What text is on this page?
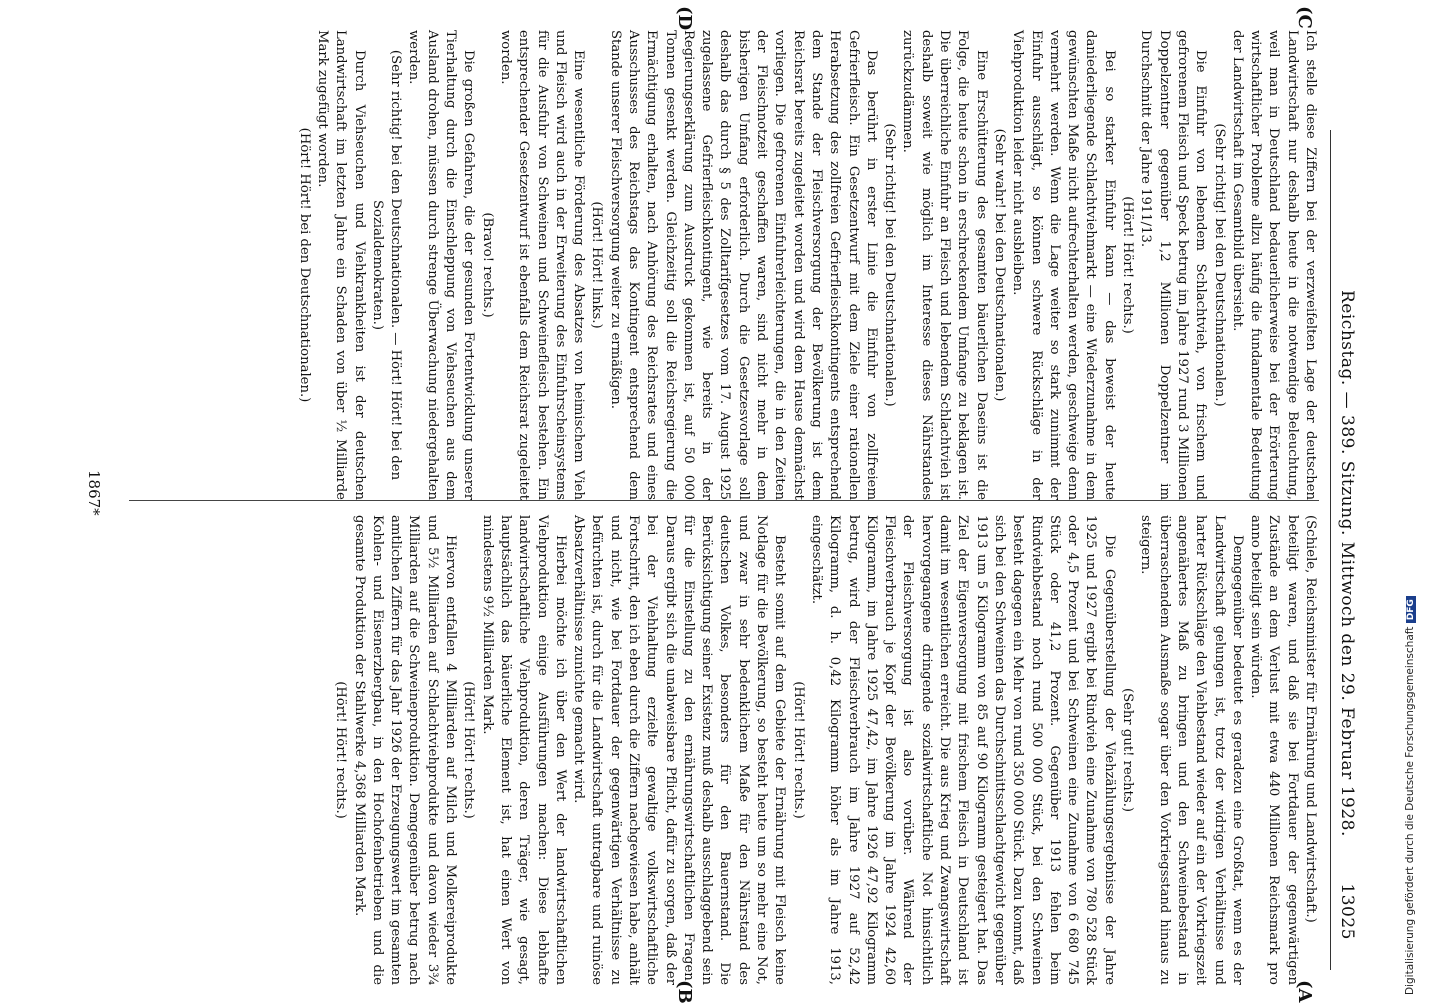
Reichstag. — 389. Sitzung. Mittwoch den 29. Februar 1928.
13025

(Schiele, Reichsminister für Ernährung und Landwirtschaft.)

beteiligt waren, und daß sie bei Fortdauer der gegenwärtigen Zustände an dem Verlust mit etwa 440 Millionen Reichsmark pro anno beteiligt sein würden.

Demgegenüber bedeutet es geradezu eine Großtat, wenn es der Landwirtschaft gelungen ist, trotz der widrigen Verhältnisse und harter Rückschläge den Viehbestand wieder auf ein der Vorkriegszeit angenähertes Maß zu bringen und den Schweinebestand in überraschendem Ausmaße sogar über den Vorkriegsstand hinaus zu steigern.

(Sehr gut! rechts.)

Die Gegenüberstellung der Viehzählungsergebnisse der Jahre 1925 und 1927 ergibt bei Rindvieh eine Zunahme von 780 528 Stück oder 4,5 Prozent und bei Schweinen eine Zunahme von 6 680 745 Stück oder 41,2 Prozent. Gegenüber 1913 fehlen beim Rindviehbestand noch rund 500 000 Stück, bei den Schweinen besteht dagegen ein Mehr von rund 350 000 Stück. Dazu kommt, daß sich bei den Schweinen das Durchschnittsschlachtgewicht gegenüber 1913 um 5 Kilogramm von 85 auf 90 Kilogramm gesteigert hat. Das Ziel der Eigenversorgung mit frischem Fleisch in Deutschland ist damit im wesentlichen erreicht. Die aus Krieg und Zwangswirtschaft hervorgegangene dringende sozialwirtschaftliche Not hinsichtlich der Fleischversorgung ist also vorüber. Während der Fleischverbrauch je Kopf der Bevölkerung im Jahre 1924 42,60 Kilogramm, im Jahre 1925 47,42, im Jahre 1926 47,92 Kilogramm betrug, wird der Fleischverbrauch im Jahre 1927 auf 52,42 Kilogramm, d. h. 0,42 Kilogramm höher als im Jahre 1913, eingeschätzt.

(Hört! Hört! rechts.)

Besteht somit auf dem Gebiete der Ernährung mit Fleisch keine Notlage für die Bevölkerung, so besteht heute um so mehr eine Not, und zwar in sehr bedenklichem Maße für den Nährstand des deutschen Volkes, besonders für den Bauernstand. Die Berücksichtigung seiner Existenz muß deshalb ausschlaggebend sein für die Einstellung zu den ernährungswirtschaftlichen Fragen. Daraus ergibt sich die unabweisbare Pflicht, dafür zu sorgen, daß der bei der Viehhaltung erzielte gewaltige volkswirtschaftliche Fortschritt, den ich eben durch die Ziffern nachgewiesen habe, anhält und nicht, wie bei Fortdauer der gegenwärtigen Verhältnisse zu befürchten ist, durch für die Landwirtschaft untragbare und ruinöse Absatzverhältnisse zunichte gemacht wird.

Hierbei möchte ich über den Wert der landwirtschaftlichen Viehproduktion einige Ausführungen machen: Diese lebhafte landwirtschaftliche Viehproduktion, deren Träger, wie gesagt, hauptsächlich das bäuerliche Element ist, hat einen Wert von mindestens 9½ Milliarden Mark.

(Hört! Hört! rechts.)

Hiervon entfallen 4 Milliarden auf Milch und Molkereiprodukte und 5½ Milliarden auf Schlachtviehprodukte und davon wieder 3¾ Milliarden auf die Schweineproduktion. Demgegenüber betrug nach amtlichen Ziffern für das Jahr 1926 der Erzeugungswert im gesamten Kohlen- und Eisenerzbergbau, in den Hochofenbetrieben und die gesamte Produktion der Stahlwerke 4,368 Milliarden Mark.

(Hört! Hört! rechts.)

Ich stelle diese Ziffern bei der verzweifelten Lage der deutschen Landwirtschaft nur deshalb heute in die notwendige Beleuchtung, weil man in Deutschland bedauerlicherweise bei der Erörterung wirtschaftlicher Probleme allzu häufig die fundamentale Bedeutung der Landwirtschaft im Gesamtbild übersieht.

(Sehr richtig! bei den Deutschnationalen.)

Die Einfuhr von lebendem Schlachtvieh, von frischem und gefrorenem Fleisch und Speck betrug im Jahre 1927 rund 3 Millionen Doppelzentner gegenüber 1,2 Millionen Doppelzentner im Durchschnitt der Jahre 1911/13.

(Hört! Hört! rechts.)

Bei so starker Einfuhr kann — das beweist der heute daniederliegende Schlachtviehmarkt — eine Wiederzunahme in dem gewünschten Maße nicht aufrechterhalten werden, geschweige denn vermehrt werden. Wenn die Lage weiter so stark zunimmt der Einfuhr ausschlägt, so können schwere Rückschläge in der Viehproduktion leider nicht ausbleiben.

(Sehr wahr! bei den Deutschnationalen.)

Eine Erschütterung des gesamten bäuerlichen Daseins ist die Folge, die heute schon in erschreckendem Umfange zu beklagen ist. Die überreichliche Einfuhr an Fleisch und lebendem Schlachtvieh ist deshalb soweit wie möglich im Interesse dieses Nährstandes zurückzudämmen.

(Sehr richtig! bei den Deutschnationalen.)

Das berührt in erster Linie die Einfuhr von zollfreiem Gefrierfleisch. Ein Gesetzentwurf mit dem Ziele einer rationellen Herabsetzung des zollfreien Gefrierfleischkontingents entsprechend dem Stande der Fleischversorgung der Bevölkerung ist dem Reichsrat bereits zugeleitet worden und wird dem Hause demnächst vorliegen. Die gefrorenen Einfuhrerleichterungen, die in den Zeiten der Fleischnotzeit geschaffen waren, sind nicht mehr in dem bisherigen Umfang erforderlich. Durch die Gesetzesvorlage soll deshalb das durch § 5 des Zolltarifgesetzes vom 17. August 1925 zugelassene Gefrierfleischkontingent, wie bereits in der Regierungserklärung zum Ausdruck gekommen ist, auf 50 000 Tonnen gesenkt werden. Gleichzeitig soll die Reichsregierung die Ermächtigung erhalten, nach Anhörung des Reichsrates und eines Ausschusses des Reichstags das Kontingent entsprechend dem Stande unserer Fleischversorgung weiter zu ermäßigen.

(Hört! Hört! links.)

Eine wesentliche Förderung des Absatzes von heimischem Vieh und Fleisch wird auch in der Erweiterung des Einfuhrscheinsystems für die Ausfuhr von Schweinen und Schweinefleisch bestehen. Ein entsprechender Gesetzentwurf ist ebenfalls dem Reichsrat zugeleitet worden.

(Bravo! rechts.)

Die großen Gefahren, die der gesunden Fortentwicklung unserer Tierhaltung durch die Einschleppung von Viehseuchen aus dem Ausland drohen, müssen durch strenge Überwachung niedergehalten werden.

(Sehr richtig! bei den Deutschnationalen. — Hört! Hört! bei den Sozialdemokraten.)

Durch Viehseuchen und Viehkrankheiten ist der deutschen Landwirtschaft im letzten Jahre ein Schaden von über ½ Milliarde Mark zugefügt worden.

(Hört! Hört! bei den Deutschnationalen.)

(A
(B
(C
(D
1867*
Digitalisierung gefördert durch die Deutsche Forschungsgemeinschaft DFG
